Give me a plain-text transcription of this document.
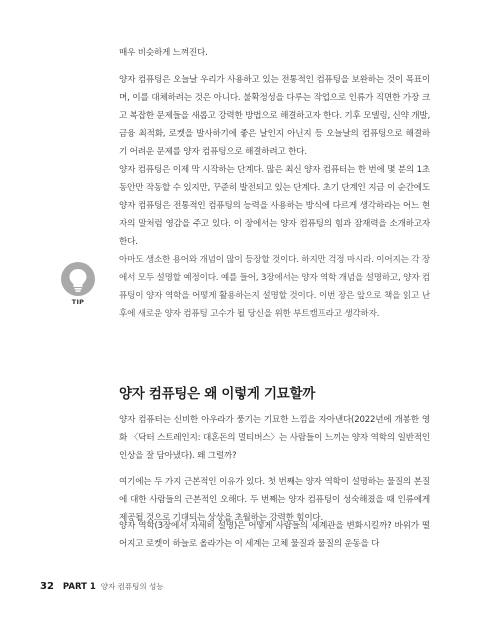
매우 비슷하게 느껴진다.

양자 컴퓨팅은 오늘날 우리가 사용하고 있는 전통적인 컴퓨팅을 보완하는 것이 목표이며, 이를 대체하려는 것은 아니다. 불확정성을 다루는 작업으로 인류가 직면한 가장 크고 복잡한 문제들을 새롭고 강력한 방법으로 해결하고자 한다. 기후 모델링, 신약 개발, 금융 최적화, 로켓을 발사하기에 좋은 날인지 아닌지 등 오늘날의 컴퓨팅으로 해결하기 어려운 문제를 양자 컴퓨팅으로 해결하려고 한다.

양자 컴퓨팅은 이제 막 시작하는 단계다. 많은 최신 양자 컴퓨터는 한 번에 몇 분의 1초 동안만 작동할 수 있지만, 꾸준히 발전되고 있는 단계다. 초기 단계인 지금 이 순간에도 양자 컴퓨팅은 전통적인 컴퓨팅의 능력을 사용하는 방식에 다르게 생각하라는 어느 현자의 말처럼 영감을 주고 있다. 이 장에서는 양자 컴퓨팅의 힘과 잠재력을 소개하고자 한다.

TIP

아마도 생소한 용어와 개념이 많이 등장할 것이다. 하지만 걱정 마시라. 이어지는 각 장에서 모두 설명할 예정이다. 예를 들어, 3장에서는 양자 역학 개념을 설명하고, 양자 컴퓨팅이 양자 역학을 어떻게 활용하는지 설명할 것이다. 이번 장은 앞으로 책을 읽고 난 후에 새로운 양자 컴퓨팅 고수가 될 당신을 위한 부트캠프라고 생각하자.

양자 컴퓨팅은 왜 이렇게 기묘할까

양자 컴퓨터는 신비한 아우라가 풍기는 기묘한 느낌을 자아낸다(2022년에 개봉한 영화 〈닥터 스트레인지: 대혼돈의 멀티버스〉는 사람들이 느끼는 양자 역학의 일반적인 인상을 잘 담아냈다). 왜 그럴까?

여기에는 두 가지 근본적인 이유가 있다. 첫 번째는 양자 역학이 설명하는 물질의 본질에 대한 사람들의 근본적인 오해다. 두 번째는 양자 컴퓨팅이 성숙해졌을 때 인류에게 제공될 것으로 기대되는 상상을 초월하는 강력한 힘이다.

양자 역학(3장에서 자세히 설명)은 어떻게 사람들의 세계관을 변화시킬까? 바위가 떨어지고 로켓이 하늘로 올라가는 이 세계는 고체 물질과 물질의 운동을 다

32 PART 1 양자 컴퓨팅의 성능
